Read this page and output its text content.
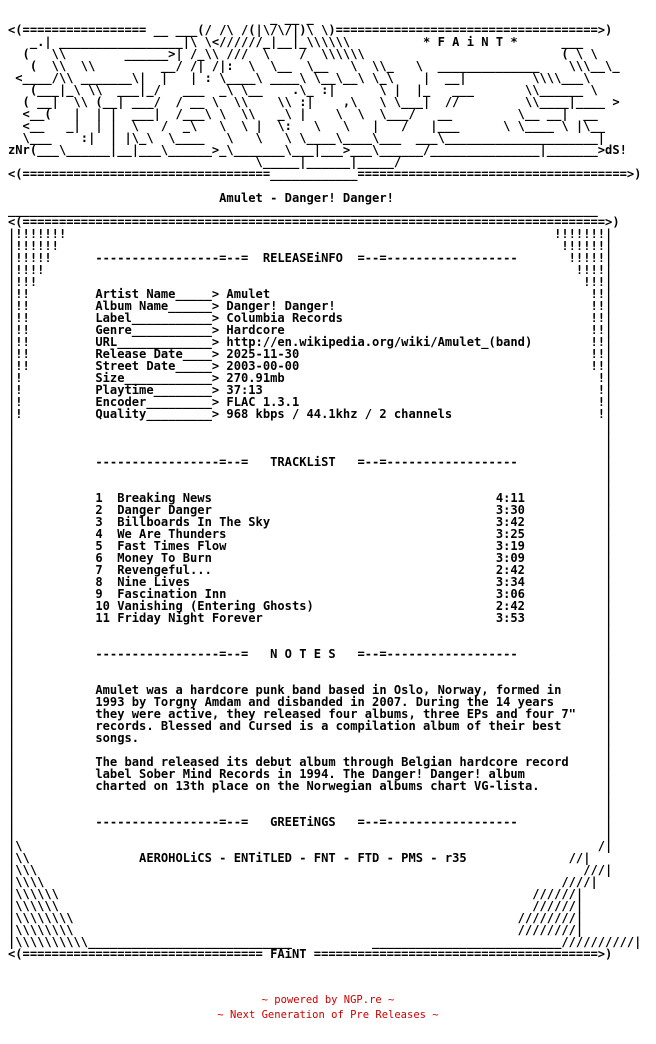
_ __ _
<(================= __ ___(/ /\ /(|\/\/|)\ \)====================================>)
_.| _________________|\ \<//////_|__|_\\\\\\          * F A i N T *      ___
(   \\        ______>| /_\\ ///  \    /  \\\\\\                           ( \ \
(  \\  \\         __/ /| /|:  \  \__  \__   \  \\_   \  ______________    \\\__\_
<____/\\ _______\|  |   | : \____\ ____\ \__\__\ \_\    |  __|         \\\\___\
(___|_\ \\  ___|_/   ___  _\ \__    .\_ :|      \ |  |_   ___       \\______ \
( __|  \\ (__| ___/  / __ \  \\    \\ :|    ,\   \ \___|  //         \\____|____ >
<__(   |  | |  ___|  /___\ \  \\   _\ |    \  \  \___/   __         \__ __|  __
<__   _|  | |  \   /  _\   \  \ |  \:   \   \   |   /   |___      \ \____ \ |\__
\___    :|  | |\_\  \____   \   \   \ \____\____\___  ___\_____________________|
zNr(___\______|__|___\______>_\_______\___|___>___\______/_______________|_______>dS!
\_____|______|_____/
<(==================================____________=====================================>)
Amulet - Danger! Danger!
_________________________________________________________________________________
<(================================================================================>)
|!!!!!!!                                                                   !!!!!!!|
|!!!!!!                                                                     !!!!!!|
|!!!!!      -----------------=--=  RELEASEiNFO  =--=------------------       !!!!!|
|!!!!                                                                         !!!!|
|!!!                                                                           !!!|
|!!         Artist Name_____> Amulet                                            !!|
|!!         Album Name______> Danger! Danger!                                   !!|
|!!         Label___________> Columbia Records                                  !!|
|!!         Genre___________> Hardcore                                          !!|
|!!         URL_____________> http://en.wikipedia.org/wiki/Amulet_(band)        !!|
|!!         Release Date____> 2025-11-30                                        !!|
|!!         Street Date_____> 2003-00-00                                        !!|
|!          Size____________> 270.91mb                                           !|
|!          Playtime________> 37:13                                              !|
|!          Encoder_________> FLAC 1.3.1                                         !|
|!          Quality_________> 968 kbps / 44.1khz / 2 channels                    !|
|                                                                                 |
|                                                                                 |
|                                                                                 |
|           -----------------=--=   TRACKLiST   =--=------------------            |
|                                                                                 |
|                                                                                 |
|           1  Breaking News                                       4:11           |
|           2  Danger Danger                                       3:30           |
|           3  Billboards In The Sky                               3:42           |
|           4  We Are Thunders                                     3:25           |
|           5  Fast Times Flow                                     3:19           |
|           6  Money To Burn                                       3:09           |
|           7  Revengeful...                                       2:42           |
|           8  Nine Lives                                          3:34           |
|           9  Fascination Inn                                     3:06           |
|           10 Vanishing (Entering Ghosts)                         2:42           |
|           11 Friday Night Forever                                3:53           |
|                                                                                 |
|                                                                                 |
|           -----------------=--=   N O T E S   =--=------------------            |
|                                                                                 |
|                                                                                 |
|           Amulet was a hardcore punk band based in Oslo, Norway, formed in      |
|           1993 by Torgny Amdam and disbanded in 2007. During the 14 years       |
|           they were active, they released four albums, three EPs and four 7"    |
|           records. Blessed and Cursed is a compilation album of their best      |
|           songs.                                                                |
|                                                                                 |
|           The band released its debut album through Belgian hardcore record     |
|           label Sober Mind Records in 1994. The Danger! Danger! album           |
|           charted on 13th place on the Norwegian albums chart VG-lista.         |
|                                                                                 |
|                                                                                 |
|           -----------------=--=   GREETiNGS   =--=------------------            |
|                                                                                 |
|\                                                                               /|
|\\               AEROHOLiCS - ENTiTLED - FNT - FTD - PMS - r35              //|
|\\\                                                                           ///|
|\\\\                                                                       ////|
|\\\\\\                                                                 //////|
|\\\\\\                                                                 //////|
|\\\\\\\\                                                             ////////|
|\\\\\\\\                                                             ////////|
|\\\\\\\\\\____________________________           __________________________//////////|
<(================================= FAiNT =======================================>)
~ powered by NGP.re ~
~ Next Generation of Pre Releases ~
